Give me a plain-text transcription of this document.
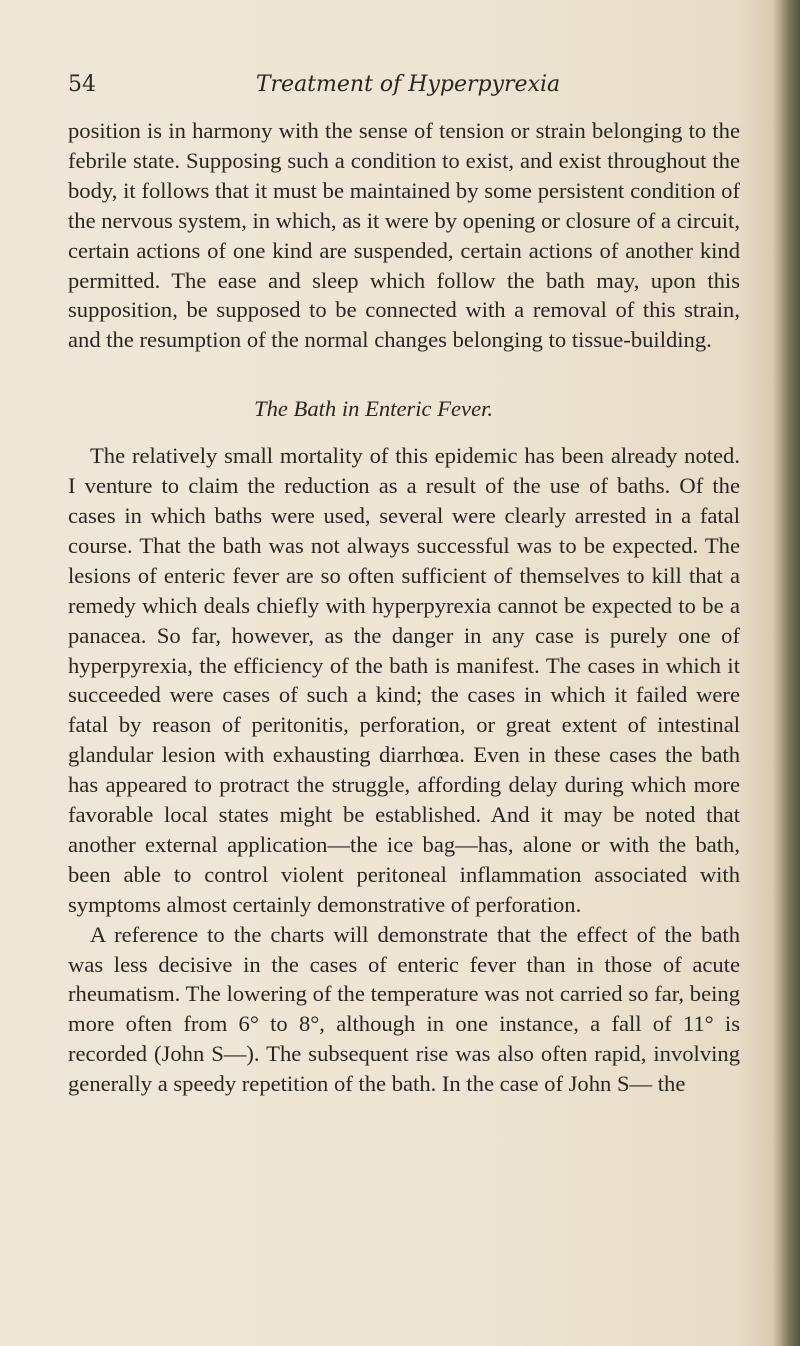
54	Treatment of Hyperpyrexia

position is in harmony with the sense of tension or strain belonging to the febrile state. Supposing such a condition to exist, and exist throughout the body, it follows that it must be maintained by some persistent condition of the nervous system, in which, as it were by opening or closure of a circuit, certain actions of one kind are suspended, certain actions of another kind permitted. The ease and sleep which follow the bath may, upon this supposition, be supposed to be connected with a removal of this strain, and the resumption of the normal changes belonging to tissue-building.

The Bath in Enteric Fever.

The relatively small mortality of this epidemic has been already noted. I venture to claim the reduction as a result of the use of baths. Of the cases in which baths were used, several were clearly arrested in a fatal course. That the bath was not always successful was to be expected. The lesions of enteric fever are so often sufficient of themselves to kill that a remedy which deals chiefly with hyperpyrexia cannot be expected to be a panacea. So far, however, as the danger in any case is purely one of hyperpyrexia, the efficiency of the bath is manifest. The cases in which it succeeded were cases of such a kind; the cases in which it failed were fatal by reason of peritonitis, perforation, or great extent of intestinal glandular lesion with exhausting diarrhœa. Even in these cases the bath has appeared to protract the struggle, affording delay during which more favorable local states might be established. And it may be noted that another external application—the ice bag—has, alone or with the bath, been able to control violent peritoneal inflammation associated with symptoms almost certainly demonstrative of perforation.

A reference to the charts will demonstrate that the effect of the bath was less decisive in the cases of enteric fever than in those of acute rheumatism. The lowering of the temperature was not carried so far, being more often from 6° to 8°, although in one instance, a fall of 11° is recorded (John S—). The subsequent rise was also often rapid, involving generally a speedy repetition of the bath. In the case of John S— the
